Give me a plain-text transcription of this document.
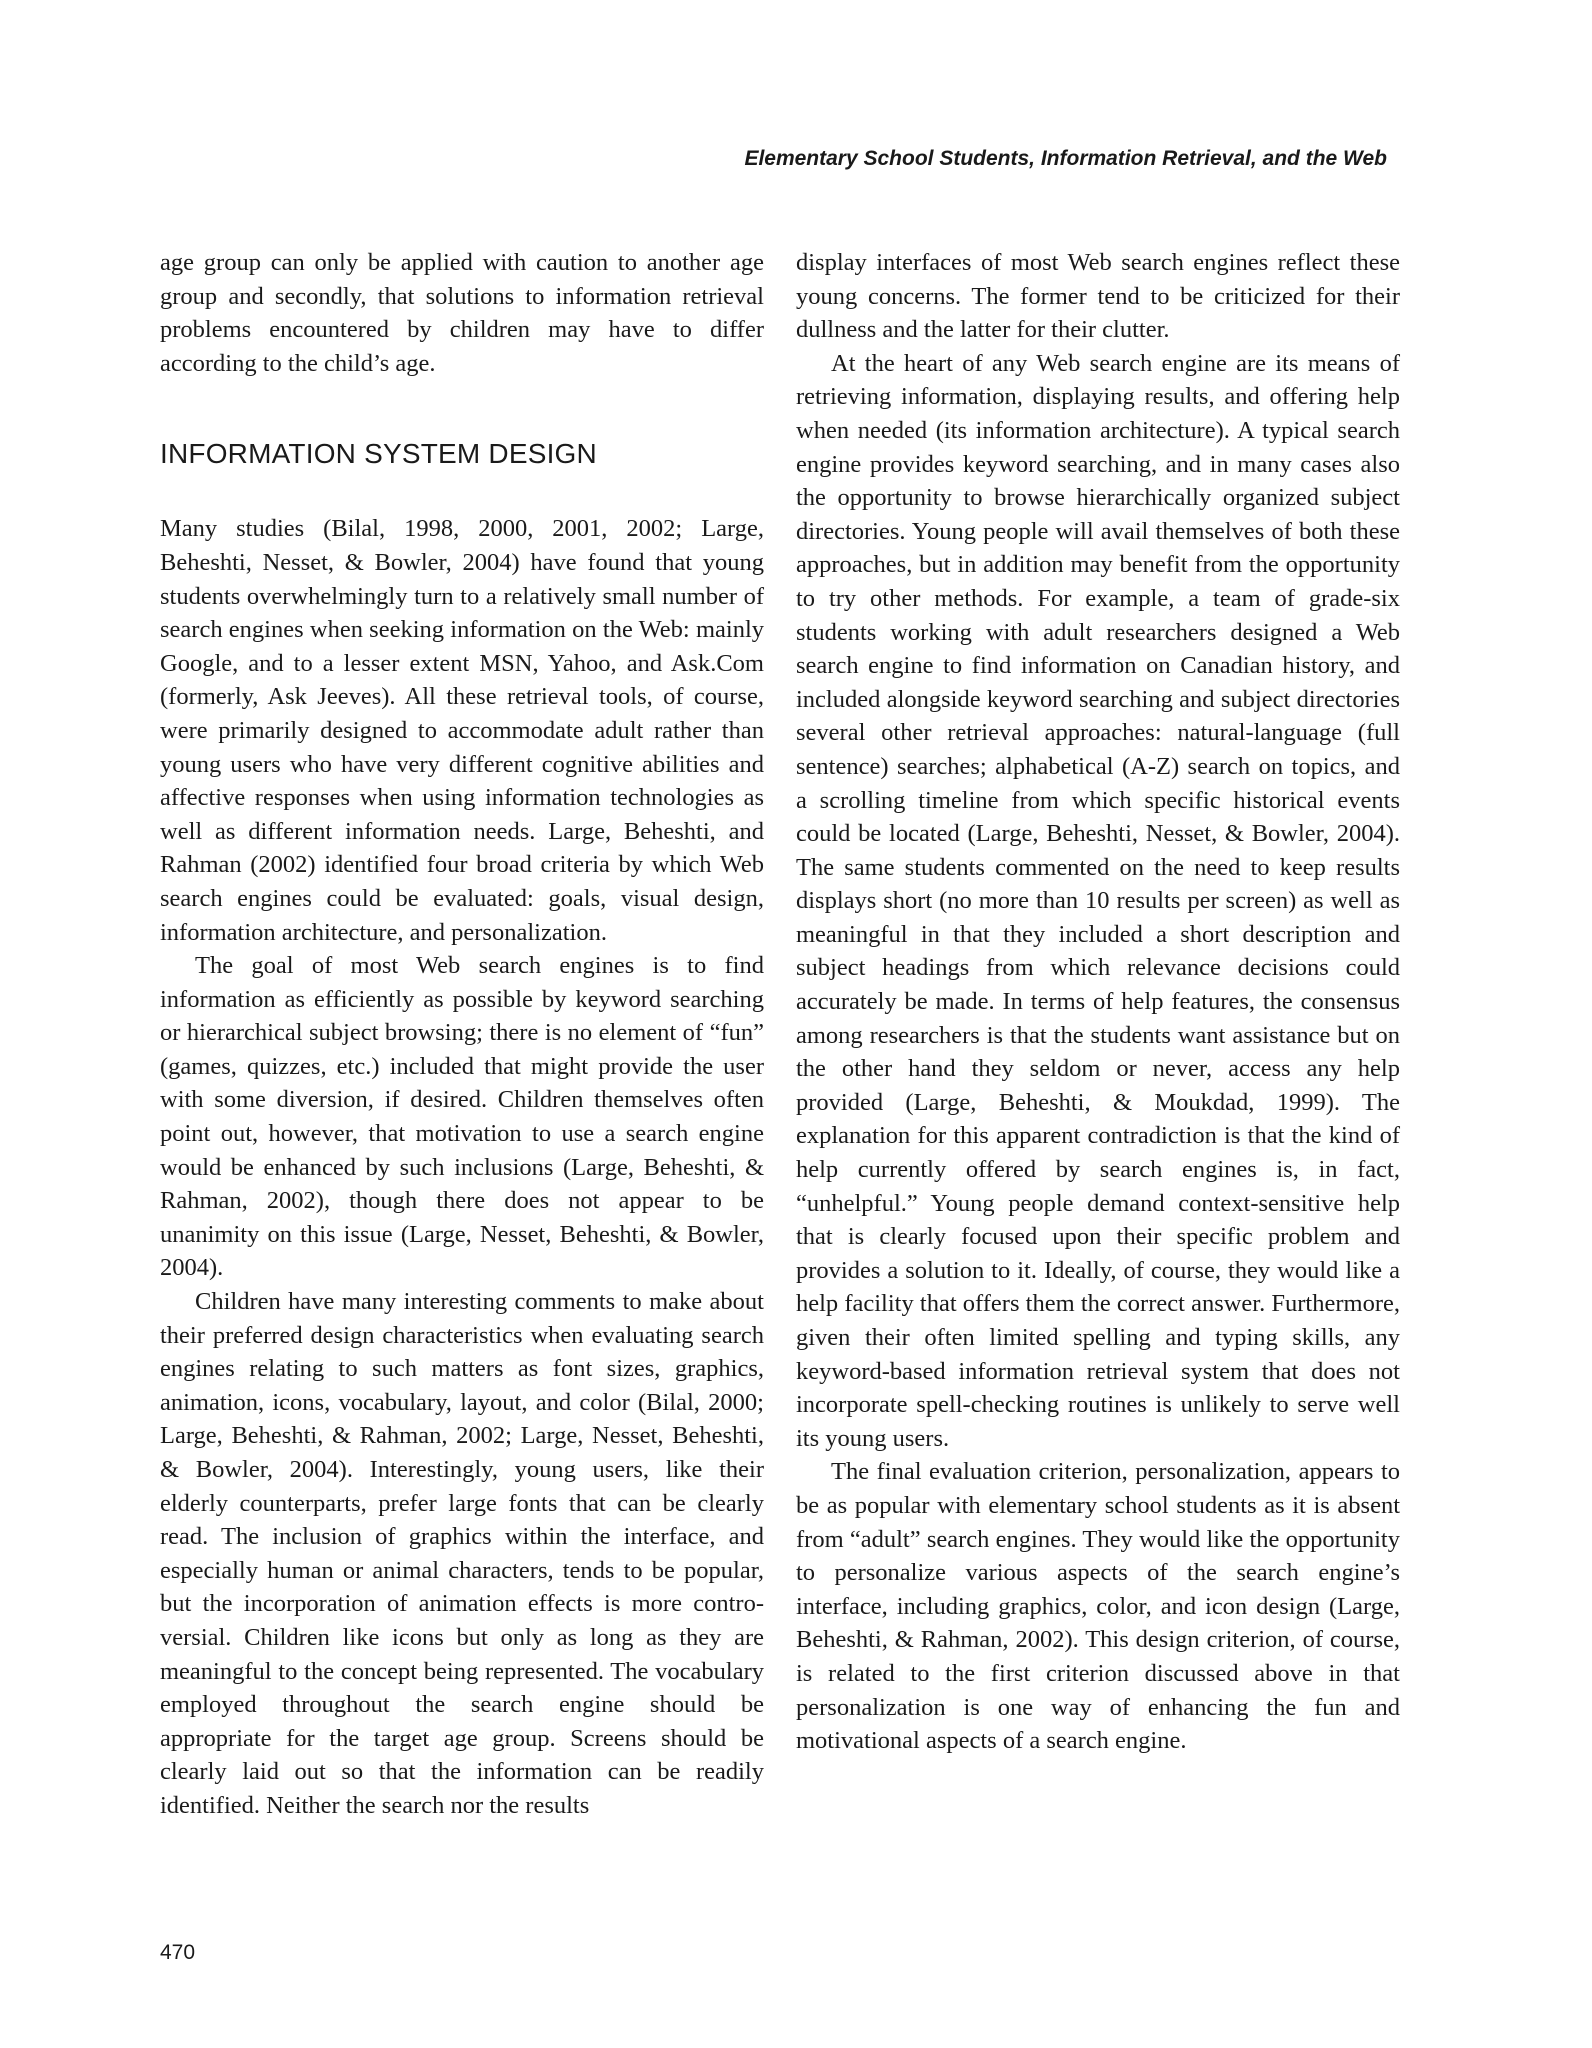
Elementary School Students, Information Retrieval, and the Web

age group can only be applied with caution to another age group and secondly, that solutions to information retrieval problems encountered by children may have to differ according to the child’s age.

INFORMATION SYSTEM DESIGN

Many studies (Bilal, 1998, 2000, 2001, 2002; Large, Beheshti, Nesset, & Bowler, 2004) have found that young students overwhelmingly turn to a relatively small number of search engines when seeking information on the Web: mainly Google, and to a lesser extent MSN, Yahoo, and Ask.Com (formerly, Ask Jeeves). All these retrieval tools, of course, were primarily designed to accommodate adult rather than young users who have very different cognitive abilities and affective responses when using information technologies as well as different information needs. Large, Beheshti, and Rahman (2002) identified four broad criteria by which Web search engines could be evaluated: goals, visual design, information architecture, and personalization.

The goal of most Web search engines is to find information as efficiently as possible by keyword searching or hierarchical subject browsing; there is no element of “fun” (games, quizzes, etc.) included that might provide the user with some diversion, if desired. Children themselves often point out, however, that motivation to use a search engine would be enhanced by such inclusions (Large, Beheshti, & Rahman, 2002), though there does not appear to be unanimity on this issue (Large, Nesset, Beheshti, & Bowler, 2004).

Children have many interesting comments to make about their preferred design characteristics when evaluating search engines relating to such matters as font sizes, graphics, animation, icons, vocabulary, layout, and color (Bilal, 2000; Large, Beheshti, & Rahman, 2002; Large, Nesset, Beheshti, & Bowler, 2004). Interestingly, young users, like their elderly counterparts, prefer large fonts that can be clearly read. The inclusion of graphics within the interface, and especially human or animal characters, tends to be popular, but the incorporation of animation effects is more controversial. Children like icons but only as long as they are meaningful to the concept being represented. The vocabulary employed throughout the search engine should be appropriate for the target age group. Screens should be clearly laid out so that the information can be readily identified. Neither the search nor the results

display interfaces of most Web search engines reflect these young concerns. The former tend to be criticized for their dullness and the latter for their clutter.

At the heart of any Web search engine are its means of retrieving information, displaying results, and offering help when needed (its information architecture). A typical search engine provides keyword searching, and in many cases also the opportunity to browse hierarchically organized subject directories. Young people will avail themselves of both these approaches, but in addition may benefit from the opportunity to try other methods. For example, a team of grade-six students working with adult researchers designed a Web search engine to find information on Canadian history, and included alongside keyword searching and subject directories several other retrieval approaches: natural-language (full sentence) searches; alphabetical (A-Z) search on topics, and a scrolling timeline from which specific historical events could be located (Large, Beheshti, Nesset, & Bowler, 2004). The same students commented on the need to keep results displays short (no more than 10 results per screen) as well as meaningful in that they included a short description and subject headings from which relevance decisions could accurately be made. In terms of help features, the consensus among researchers is that the students want assistance but on the other hand they seldom or never, access any help provided (Large, Beheshti, & Moukdad, 1999). The explanation for this apparent contradiction is that the kind of help currently offered by search engines is, in fact, “unhelpful.” Young people demand context-sensitive help that is clearly focused upon their specific problem and provides a solution to it. Ideally, of course, they would like a help facility that offers them the correct answer. Furthermore, given their often limited spelling and typing skills, any keyword-based information retrieval system that does not incorporate spell-checking routines is unlikely to serve well its young users.

The final evaluation criterion, personalization, appears to be as popular with elementary school students as it is absent from “adult” search engines. They would like the opportunity to personalize various aspects of the search engine’s interface, including graphics, color, and icon design (Large, Beheshti, & Rahman, 2002). This design criterion, of course, is related to the first criterion discussed above in that personalization is one way of enhancing the fun and motivational aspects of a search engine.

470
